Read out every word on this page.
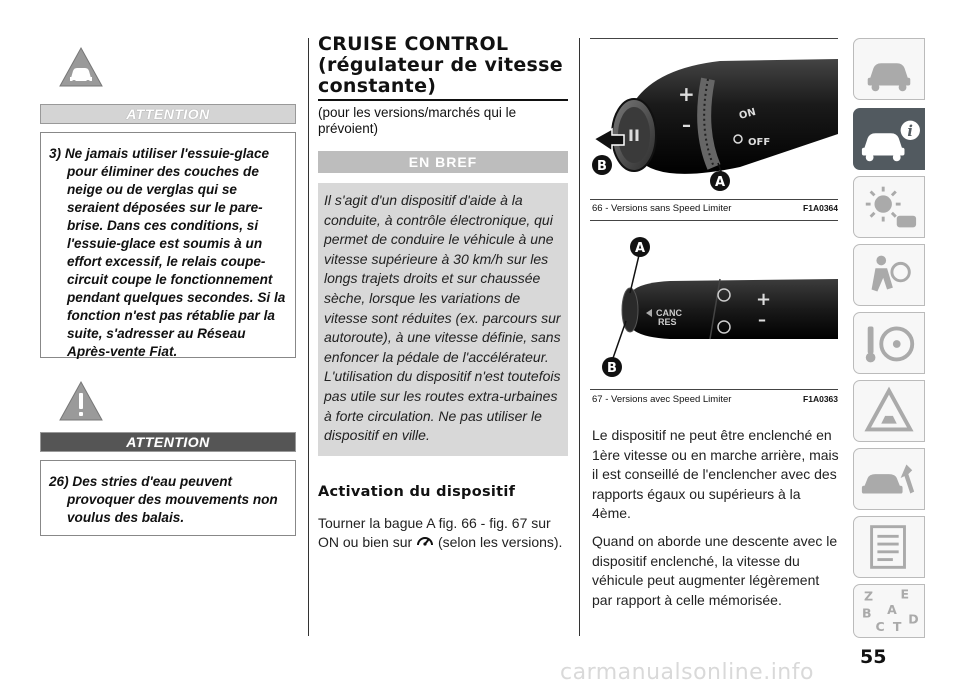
ATTENTION

3) Ne jamais utiliser l'essuie-glace pour éliminer des couches de neige ou de verglas qui se seraient déposées sur le pare-brise. Dans ces conditions, si l'essuie-glace est soumis à un effort excessif, le relais coupe-circuit coupe le fonctionnement pendant quelques secondes. Si la fonction n'est pas rétablie par la suite, s'adresser au Réseau Après-vente Fiat.

ATTENTION

26) Des stries d'eau peuvent provoquer des mouvements non voulus des balais.

CRUISE CONTROL (régulateur de vitesse constante)
(pour les versions/marchés qui le prévoient)
EN BREF
Il s'agit d'un dispositif d'aide à la conduite, à contrôle électronique, qui permet de conduire le véhicule à une vitesse supérieure à 30 km/h sur les longs trajets droits et sur chaussée sèche, lorsque les variations de vitesse sont réduites (ex. parcours sur autoroute), à une vitesse définie, sans enfoncer la pédale de l'accélérateur. L'utilisation du dispositif n'est toutefois pas utile sur les routes extra-urbaines à forte circulation. Ne pas utiliser le dispositif en ville.
Activation du dispositif
Tourner la bague A fig. 66 - fig. 67 sur ON ou bien sur (selon les versions).
II
+
–
ON
OFF
B
A
66 - Versions sans Speed Limiter	F1A0364
CANC
RES
+
–
A
B
67 - Versions avec Speed Limiter	F1A0363

Le dispositif ne peut être enclenché en 1ère vitesse ou en marche arrière, mais il est conseillé de l'enclencher avec des rapports égaux ou supérieurs à la 4ème.

Quand on aborde une descente avec le dispositif enclenché, la vitesse du véhicule peut augmenter légèrement par rapport à celle mémorisée.

i
Z E
B A
C T
D
55
carmanualsonline.info
